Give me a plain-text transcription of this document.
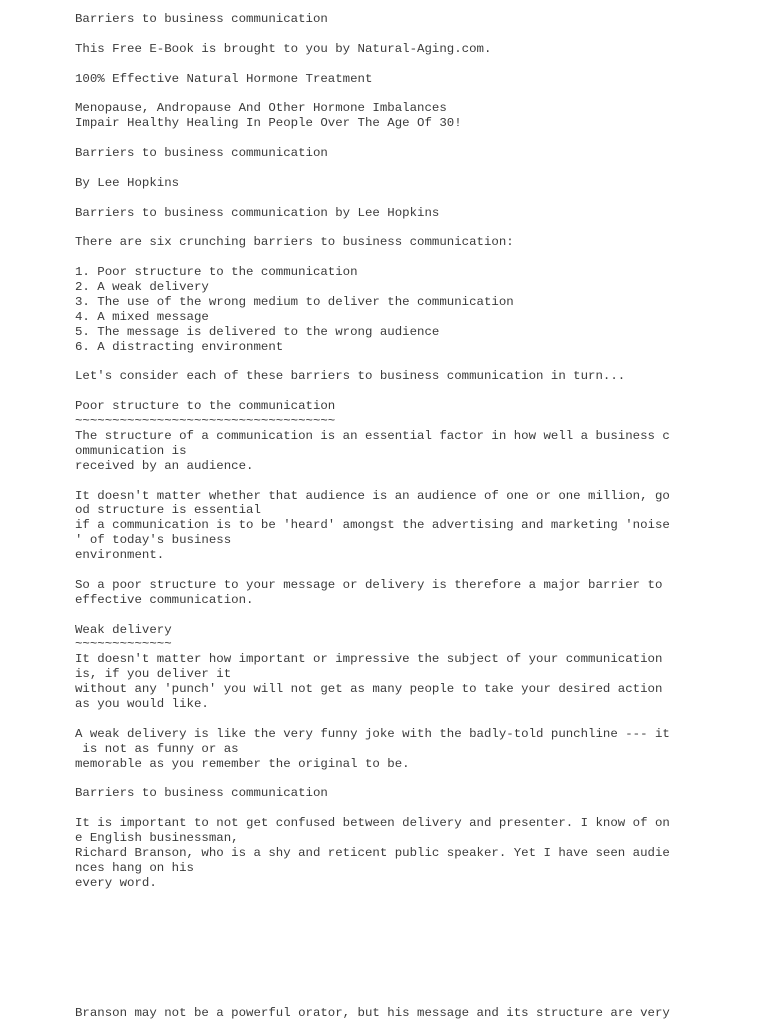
Barriers to business communication
This Free E-Book is brought to you by Natural-Aging.com.
100% Effective Natural Hormone Treatment
Menopause, Andropause And Other Hormone Imbalances
Impair Healthy Healing In People Over The Age Of 30!
Barriers to business communication
By Lee Hopkins
Barriers to business communication by Lee Hopkins
There are six crunching barriers to business communication:
1. Poor structure to the communication
2. A weak delivery
3. The use of the wrong medium to deliver the communication
4. A mixed message
5. The message is delivered to the wrong audience
6. A distracting environment
Let's consider each of these barriers to business communication in turn...
Poor structure to the communication
~~~~~~~~~~~~~~~~~~~~~~~~~~~~~~~~~~~
The structure of a communication is an essential factor in how well a business c
ommunication is
received by an audience.
It doesn't matter whether that audience is an audience of one or one million, go
od structure is essential
if a communication is to be 'heard' amongst the advertising and marketing 'noise
' of today's business
environment.
So a poor structure to your message or delivery is therefore a major barrier to
effective communication.
Weak delivery
~~~~~~~~~~~~~
It doesn't matter how important or impressive the subject of your communication
is, if you deliver it
without any 'punch' you will not get as many people to take your desired action
as you would like.
A weak delivery is like the very funny joke with the badly-told punchline --- it
is not as funny or as
memorable as you remember the original to be.
Barriers to business communication
It is important to not get confused between delivery and presenter. I know of on
e English businessman,
Richard Branson, who is a shy and reticent public speaker. Yet I have seen audie
nces hang on his
every word.
Branson may not be a powerful orator, but his message and its structure are very
